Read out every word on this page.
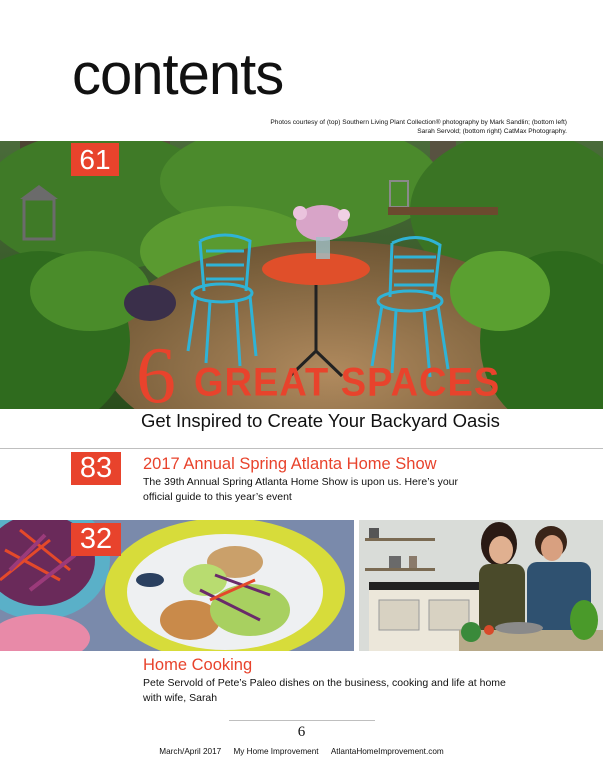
contents
Photos courtesy of (top) Southern Living Plant Collection® photography by Mark Sandlin; (bottom left) Sarah Servold; (bottom right) CatMax Photography.
61
6 GREAT SPACES
Get Inspired to Create Your Backyard Oasis
83	2017 Annual Spring Atlanta Home Show
The 39th Annual Spring Atlanta Home Show is upon us. Here’s your official guide to this year’s event
32
Home Cooking
Pete Servold of Pete’s Paleo dishes on the business, cooking and life at home with wife, Sarah
6
March/April 2017 My Home Improvement AtlantaHomeImprovement.com
